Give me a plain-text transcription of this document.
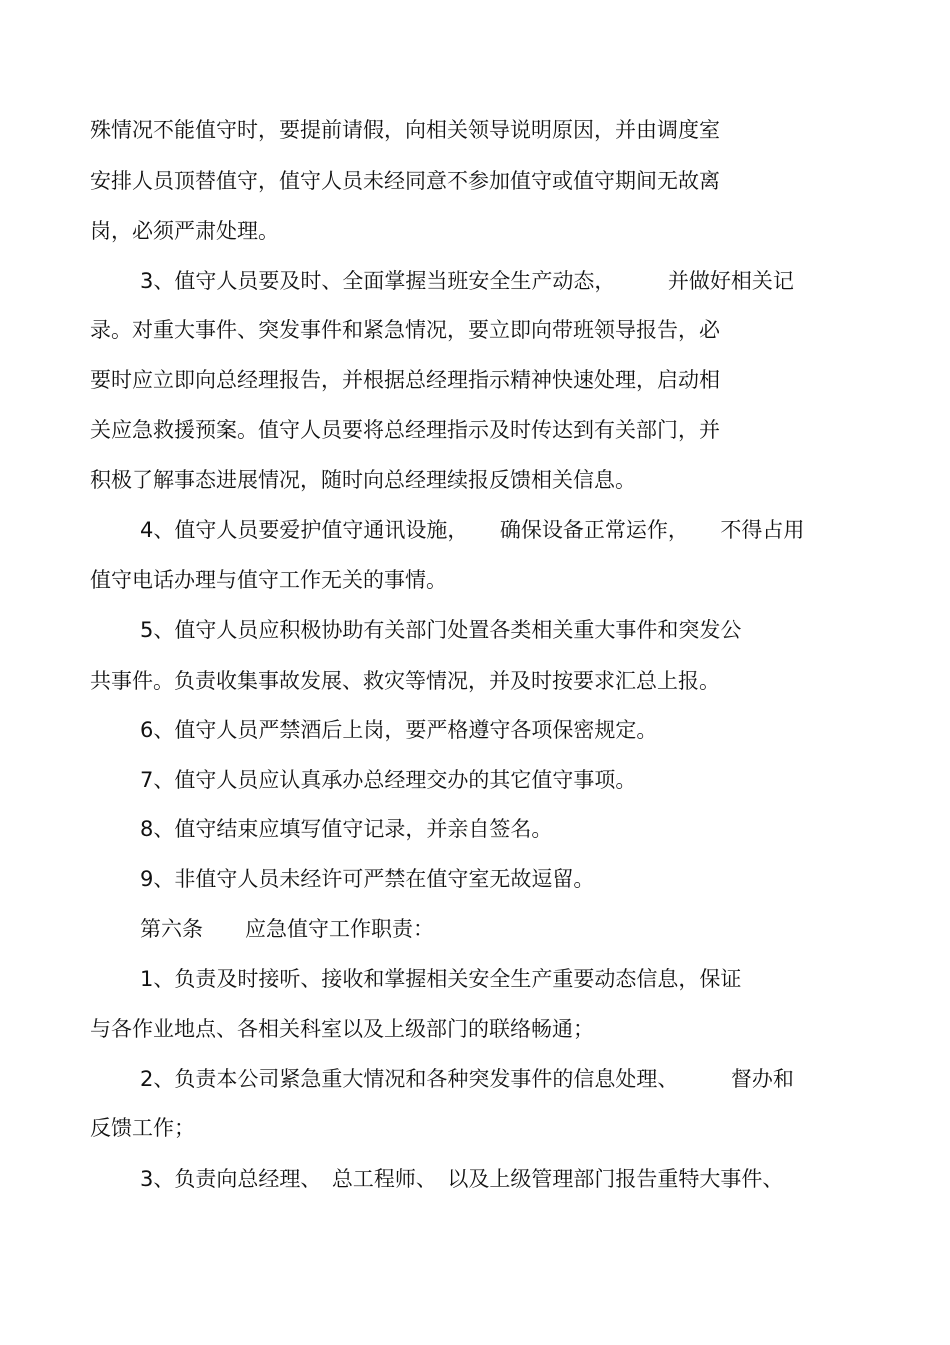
殊情况不能值守时，要提前请假，向相关领导说明原因，并由调度室
安排人员顶替值守，值守人员未经同意不参加值守或值守期间无故离
岗，必须严肃处理。
3、值守人员要及时、全面掌握当班安全生产动态，　　　并做好相关记
录。对重大事件、突发事件和紧急情况，要立即向带班领导报告，必
要时应立即向总经理报告，并根据总经理指示精神快速处理，启动相
关应急救援预案。值守人员要将总经理指示及时传达到有关部门，并
积极了解事态进展情况，随时向总经理续报反馈相关信息。
4、值守人员要爱护值守通讯设施，　　确保设备正常运作，　　不得占用
值守电话办理与值守工作无关的事情。
5、值守人员应积极协助有关部门处置各类相关重大事件和突发公
共事件。负责收集事故发展、救灾等情况，并及时按要求汇总上报。
6、值守人员严禁酒后上岗，要严格遵守各项保密规定。
7、值守人员应认真承办总经理交办的其它值守事项。
8、值守结束应填写值守记录，并亲自签名。
9、非值守人员未经许可严禁在值守室无故逗留。
第六条　　应急值守工作职责：
1、负责及时接听、接收和掌握相关安全生产重要动态信息，保证
与各作业地点、各相关科室以及上级部门的联络畅通；
2、负责本公司紧急重大情况和各种突发事件的信息处理、　　　督办和
反馈工作；
3、负责向总经理、　总工程师、　以及上级管理部门报告重特大事件、
